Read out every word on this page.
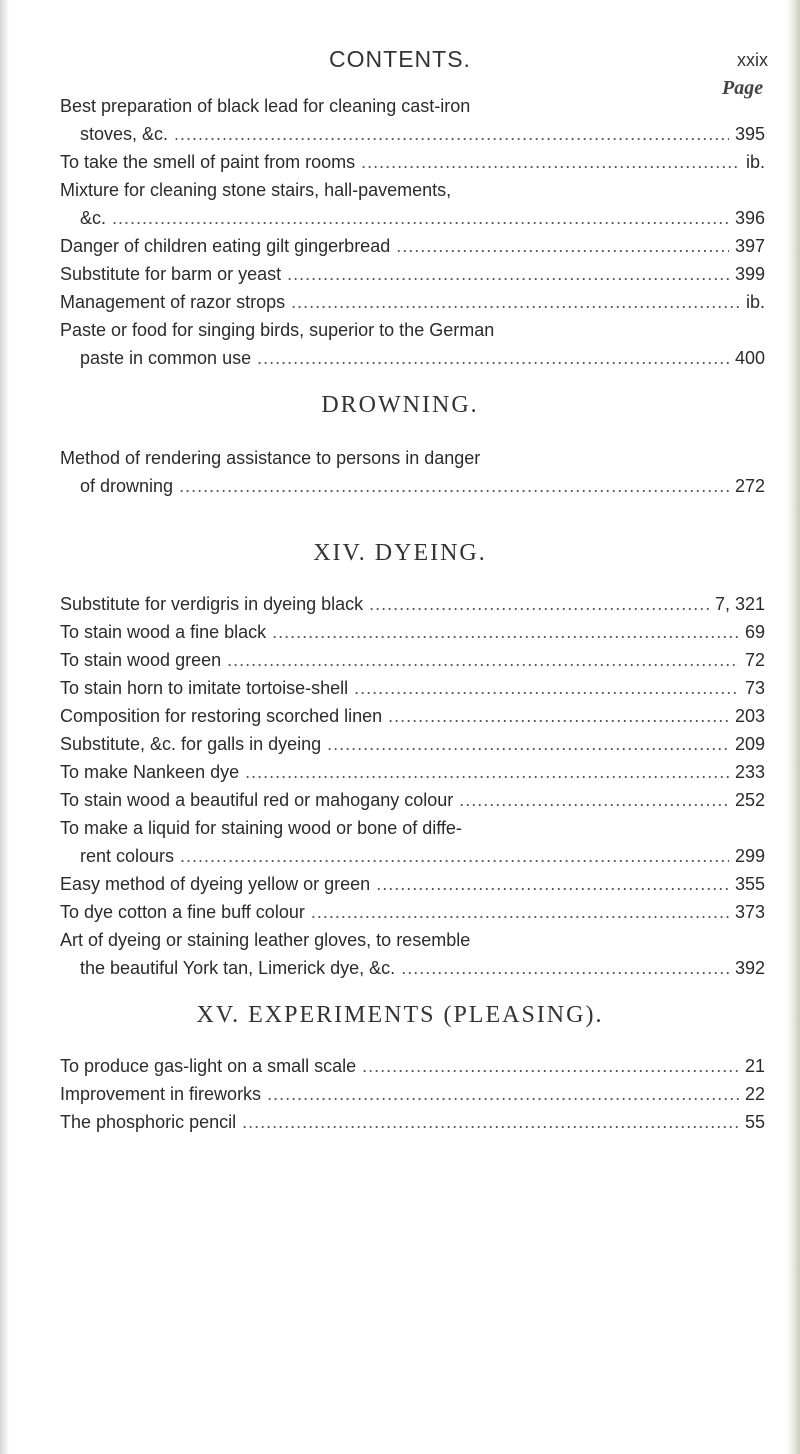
CONTENTS.	xxix
Page
Best preparation of black lead for cleaning cast-iron
stoves, &c. . . .	395
To take the smell of paint from rooms . . .	ib.
Mixture for cleaning stone stairs, hall-pavements,
&c. . . .	396
Danger of children eating gilt gingerbread . . .	397
Substitute for barm or yeast . . .	399
Management of razor strops . . .	ib.
Paste or food for singing birds, superior to the German
paste in common use . . .	400
DROWNING.
Method of rendering assistance to persons in danger
of drowning . . .	272
XIV. DYEING.
Substitute for verdigris in dyeing black . . .	7, 321
To stain wood a fine black . . .	69
To stain wood green . . .	72
To stain horn to imitate tortoise-shell . . .	73
Composition for restoring scorched linen . . .	203
Substitute, &c. for galls in dyeing . . .	209
To make Nankeen dye . . .	233
To stain wood a beautiful red or mahogany colour . . .	252
To make a liquid for staining wood or bone of diffe-
rent colours . . .	299
Easy method of dyeing yellow or green . . .	355
To dye cotton a fine buff colour . . .	373
Art of dyeing or staining leather gloves, to resemble
the beautiful York tan, Limerick dye, &c. . . .	392
XV. EXPERIMENTS (PLEASING).
To produce gas-light on a small scale . . .	21
Improvement in fireworks . . .	22
The phosphoric pencil . . .	55
